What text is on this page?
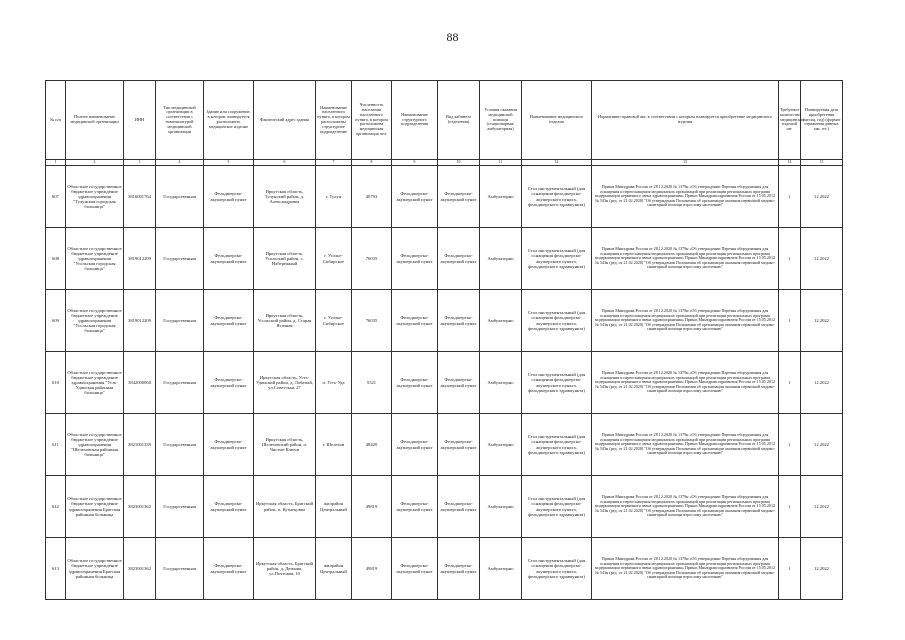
88
№ п/п	Полное наименование медицинской организации	ИНН	Тип медицинской организации в соответствии с номенклатурой медицинской организации	Здание или сооружение, в котором планируется расположить медицинское изделие	Фактический адрес здания	Наименование населенного пункта, в котором расположены структурное подразделение	Численность населения населенного пункта, в котором расположена медицинская организация чел.	Наименование структурного подразделения	Вид кабинета (отделения)	Условия оказания медицинской помощи (стационарная/амбулаторная)	Наименование медицинского изделия	Нормативно-правовой акт, в соответствии с которым планируется приобретение медицинского изделия	Требуемое количество медицинских изделий шт.	Планируемая дата приобретения (месяц, год) (формат отражения данных мм. ггг.)
1	2	3	4	5	6	7	8	9	10	11	12	13	14	15
607	Областное государственное бюджетное учреждение здравоохранения "Тулунская городская больница"	3816001764	Государственная	Фельдшерско-акушерский пункт	Иркутская область, Тулунский район, д. Александровка	г. Тулун	40793	Фельдшерско-акушерский пункт	Фельдшерско-акушерский пункт	Амбулаторно	Стол инструментальный (для оснащения фельдшерско-акушерского пункта, фельдшерского здравпункта)	Приказ Минздрава России от 28.12.2020 № 1379н «Об утверждении Перечня оборудования для оснащения и переоснащения медицинских организаций при реализации региональных программ модернизации первичного звена здравоохранения» Приказ Минздравсоцразвития России от 15.05.2012 № 543н (ред. от 21.02.2020) "Об утверждении Положения об организации оказания первичной медико-санитарной помощи взрослому населению"	1	12.2022
608	Областное государственное бюджетное учреждение здравоохранения "Усольская городская больница"	3819012209	Государственная	Фельдшерско-акушерский пункт	Иркутская область, Усольский район, с. Набережный	г. Усолье-Сибирское	76035	Фельдшерско-акушерский пункт	Фельдшерско-акушерский пункт	Амбулаторно	Стол инструментальный (для оснащения фельдшерско-акушерского пункта, фельдшерского здравпункта)	Приказ Минздрава России от 28.12.2020 № 1379н «Об утверждении Перечня оборудования для оснащения и переоснащения медицинских организаций при реализации региональных программ модернизации первичного звена здравоохранения» Приказ Минздравсоцразвития России от 15.05.2012 № 543н (ред. от 21.02.2020) "Об утверждении Положения об организации оказания первичной медико-санитарной помощи взрослому населению"	1	12.2022
609	Областное государственное бюджетное учреждение здравоохранения "Усольская городская больница"	3819012209	Государственная	Фельдшерско-акушерский пункт	Иркутская область, Усольский район, д. Старая Ясачная	г. Усолье-Сибирское	76035	Фельдшерско-акушерский пункт	Фельдшерско-акушерский пункт	Амбулаторно	Стол инструментальный (для оснащения фельдшерско-акушерского пункта, фельдшерского здравпункта)	Приказ Минздрава России от 28.12.2020 № 1379н «Об утверждении Перечня оборудования для оснащения и переоснащения медицинских организаций при реализации региональных программ модернизации первичного звена здравоохранения» Приказ Минздравсоцразвития России от 15.05.2012 № 543н (ред. от 21.02.2020) "Об утверждении Положения об организации оказания первичной медико-санитарной помощи взрослому населению"	1	12.2022
610	Областное государственное бюджетное учреждение здравоохранения "Усть-Удинская районная больница"	3842000060	Государственная	Фельдшерско-акушерский пункт	Иркутская область, Усть-Удинский район, д. Лобатый, ул.Советская, 27	п. Усть-Уда	5521	Фельдшерско-акушерский пункт	Фельдшерско-акушерский пункт	Амбулаторно	Стол инструментальный (для оснащения фельдшерско-акушерского пункта, фельдшерского здравпункта)	Приказ Минздрава России от 28.12.2020 № 1379н «Об утверждении Перечня оборудования для оснащения и переоснащения медицинских организаций при реализации региональных программ модернизации первичного звена здравоохранения» Приказ Минздравсоцразвития России от 15.05.2012 № 543н (ред. от 21.02.2020) "Об утверждении Положения об организации оказания первичной медико-санитарной помощи взрослому населению"	1	12.2022
611	Областное государственное бюджетное учреждение здравоохранения "Шелеховская районная больница"	3821001339	Государственная	Фельдшерско-акушерский пункт	Иркутская область, Шелеховский район, п. Чистые Ключи	г. Шелехов	48420	Фельдшерско-акушерский пункт	Фельдшерско-акушерский пункт	Амбулаторно	Стол инструментальный (для оснащения фельдшерско-акушерского пункта, фельдшерского здравпункта)	Приказ Минздрава России от 28.12.2020 № 1379н «Об утверждении Перечня оборудования для оснащения и переоснащения медицинских организаций при реализации региональных программ модернизации первичного звена здравоохранения» Приказ Минздравсоцразвития России от 15.05.2012 № 543н (ред. от 21.02.2020) "Об утверждении Положения об организации оказания первичной медико-санитарной помощи взрослому населению"	1	12.2022
612	Областное государственное бюджетное учреждение здравоохранения Братская районная больница	3823001362	Государственная	Фельдшерско-акушерский пункт	Иркутская область, Братский район, п. Кузнецовка	жилрайон Центральный	49819	Фельдшерско-акушерский пункт	Фельдшерско-акушерский пункт	Амбулаторно	Стол инструментальный (для оснащения фельдшерско-акушерского пункта, фельдшерского здравпункта)	Приказ Минздрава России от 28.12.2020 № 1379н «Об утверждении Перечня оборудования для оснащения и переоснащения медицинских организаций при реализации региональных программ модернизации первичного звена здравоохранения» Приказ Минздравсоцразвития России от 15.05.2012 № 543н (ред. от 21.02.2020) "Об утверждении Положения об организации оказания первичной медико-санитарной помощи взрослому населению"	1	12.2022
613	Областное государственное бюджетное учреждение здравоохранения Братская районная больница	3823001362	Государственная	Фельдшерско-акушерский пункт	Иркутская область, Братский район, д. Дюмова, ул.Почтовая, 10	жилрайон Центральный	49819	Фельдшерско-акушерский пункт	Фельдшерско-акушерский пункт	Амбулаторно	Стол инструментальный (для оснащения фельдшерско-акушерского пункта, фельдшерского здравпункта)	Приказ Минздрава России от 28.12.2020 № 1379н «Об утверждении Перечня оборудования для оснащения и переоснащения медицинских организаций при реализации региональных программ модернизации первичного звена здравоохранения» Приказ Минздравсоцразвития России от 15.05.2012 № 543н (ред. от 21.02.2020) "Об утверждении Положения об организации оказания первичной медико-санитарной помощи взрослому населению"	1	12.2022
